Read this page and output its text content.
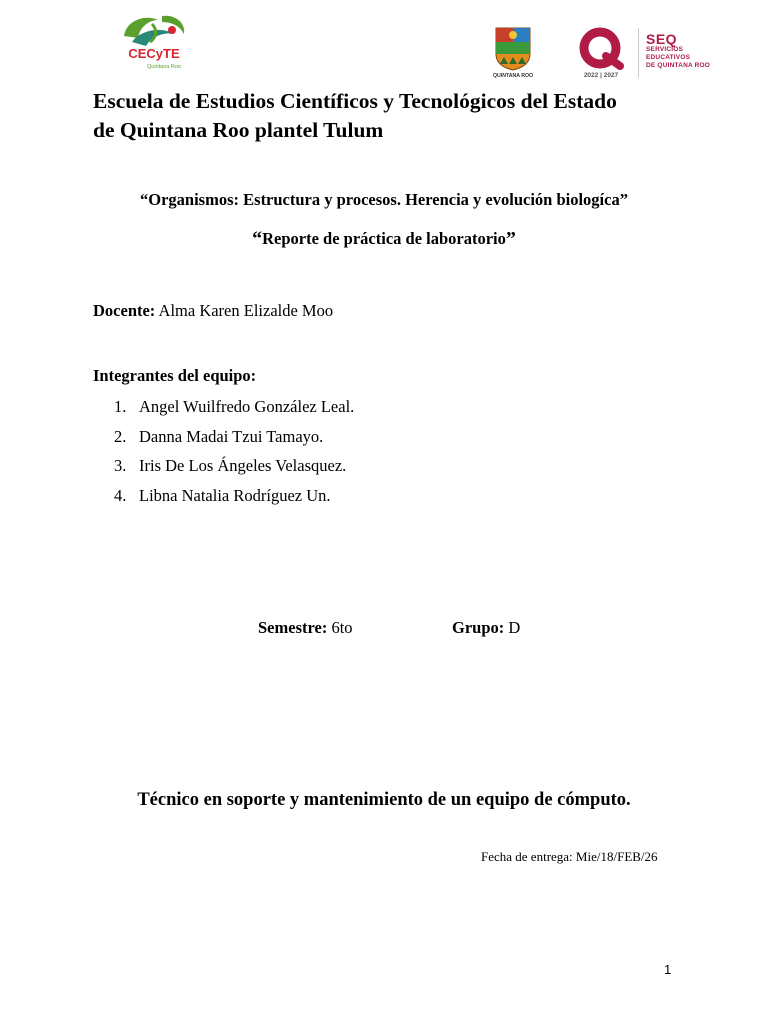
CECyTE
Quintana Roo
QUINTANA ROO	2022 | 2027
SEQ
SERVICIOS
EDUCATIVOS
DE QUINTANA ROO
Escuela de Estudios Científicos y Tecnológicos del Estado
de Quintana Roo plantel Tulum
“Organismos: Estructura y procesos. Herencia y evolución biologíca”
“Reporte de práctica de laboratorio”
Docente: Alma Karen Elizalde Moo
Integrantes del equipo:
1. Angel Wuilfredo González Leal.
2. Danna Madai Tzui Tamayo.
3. Iris De Los Ángeles Velasquez.
4. Libna Natalia Rodríguez Un.
Semestre: 6to	Grupo: D
Técnico en soporte y mantenimiento de un equipo de cómputo.
Fecha de entrega: Mie/18/FEB/26
1
